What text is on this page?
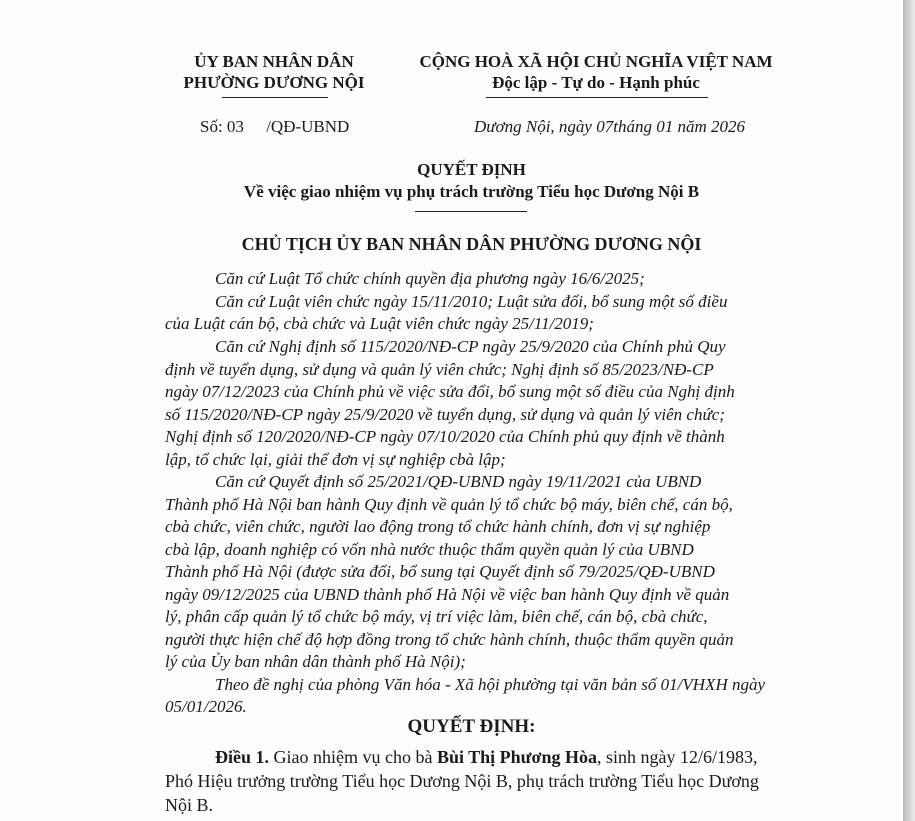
ỦY BAN NHÂN DÂN
PHƯỜNG DƯƠNG NỘI
CỘNG HOÀ XÃ HỘI CHỦ NGHĨA VIỆT NAM
Độc lập - Tự do - Hạnh phúc
Số: 03 /QĐ-UBND	Dương Nội, ngày 07tháng 01 năm 2026
QUYẾT ĐỊNH
Về việc giao nhiệm vụ phụ trách trường Tiểu học Dương Nội B
CHỦ TỊCH ỦY BAN NHÂN DÂN PHƯỜNG DƯƠNG NỘI
Căn cứ Luật Tổ chức chính quyền địa phương ngày 16/6/2025;
Căn cứ Luật viên chức ngày 15/11/2010; Luật sửa đổi, bổ sung một số điều
của Luật cán bộ, cbà chức và Luật viên chức ngày 25/11/2019;
Căn cứ Nghị định số 115/2020/NĐ-CP ngày 25/9/2020 của Chính phủ Quy
định về tuyển dụng, sử dụng và quản lý viên chức; Nghị định số 85/2023/NĐ-CP
ngày 07/12/2023 của Chính phủ về việc sửa đổi, bổ sung một số điều của Nghị định
số 115/2020/NĐ-CP ngày 25/9/2020 về tuyển dụng, sử dụng và quản lý viên chức;
Nghị định số 120/2020/NĐ-CP ngày 07/10/2020 của Chính phủ quy định về thành
lập, tổ chức lại, giải thể đơn vị sự nghiệp cbà lập;
Căn cứ Quyết định số 25/2021/QĐ-UBND ngày 19/11/2021 của UBND
Thành phố Hà Nội ban hành Quy định về quản lý tổ chức bộ máy, biên chế, cán bộ,
cbà chức, viên chức, người lao động trong tổ chức hành chính, đơn vị sự nghiệp
cbà lập, doanh nghiệp có vốn nhà nước thuộc thẩm quyền quản lý của UBND
Thành phố Hà Nội (được sửa đổi, bổ sung tại Quyết định số 79/2025/QĐ-UBND
ngày 09/12/2025 của UBND thành phố Hà Nội về việc ban hành Quy định về quản
lý, phân cấp quản lý tổ chức bộ máy, vị trí việc làm, biên chế, cán bộ, cbà chức,
người thực hiện chế độ hợp đồng trong tổ chức hành chính, thuộc thẩm quyền quản
lý của Ủy ban nhân dân thành phố Hà Nội);
Theo đề nghị của phòng Văn hóa - Xã hội phường tại văn bản số 01/VHXH ngày
05/01/2026.
QUYẾT ĐỊNH:
Điều 1. Giao nhiệm vụ cho bà Bùi Thị Phương Hòa, sinh ngày 12/6/1983,
Phó Hiệu trưởng trường Tiểu học Dương Nội B, phụ trách trường Tiểu học Dương
Nội B.
